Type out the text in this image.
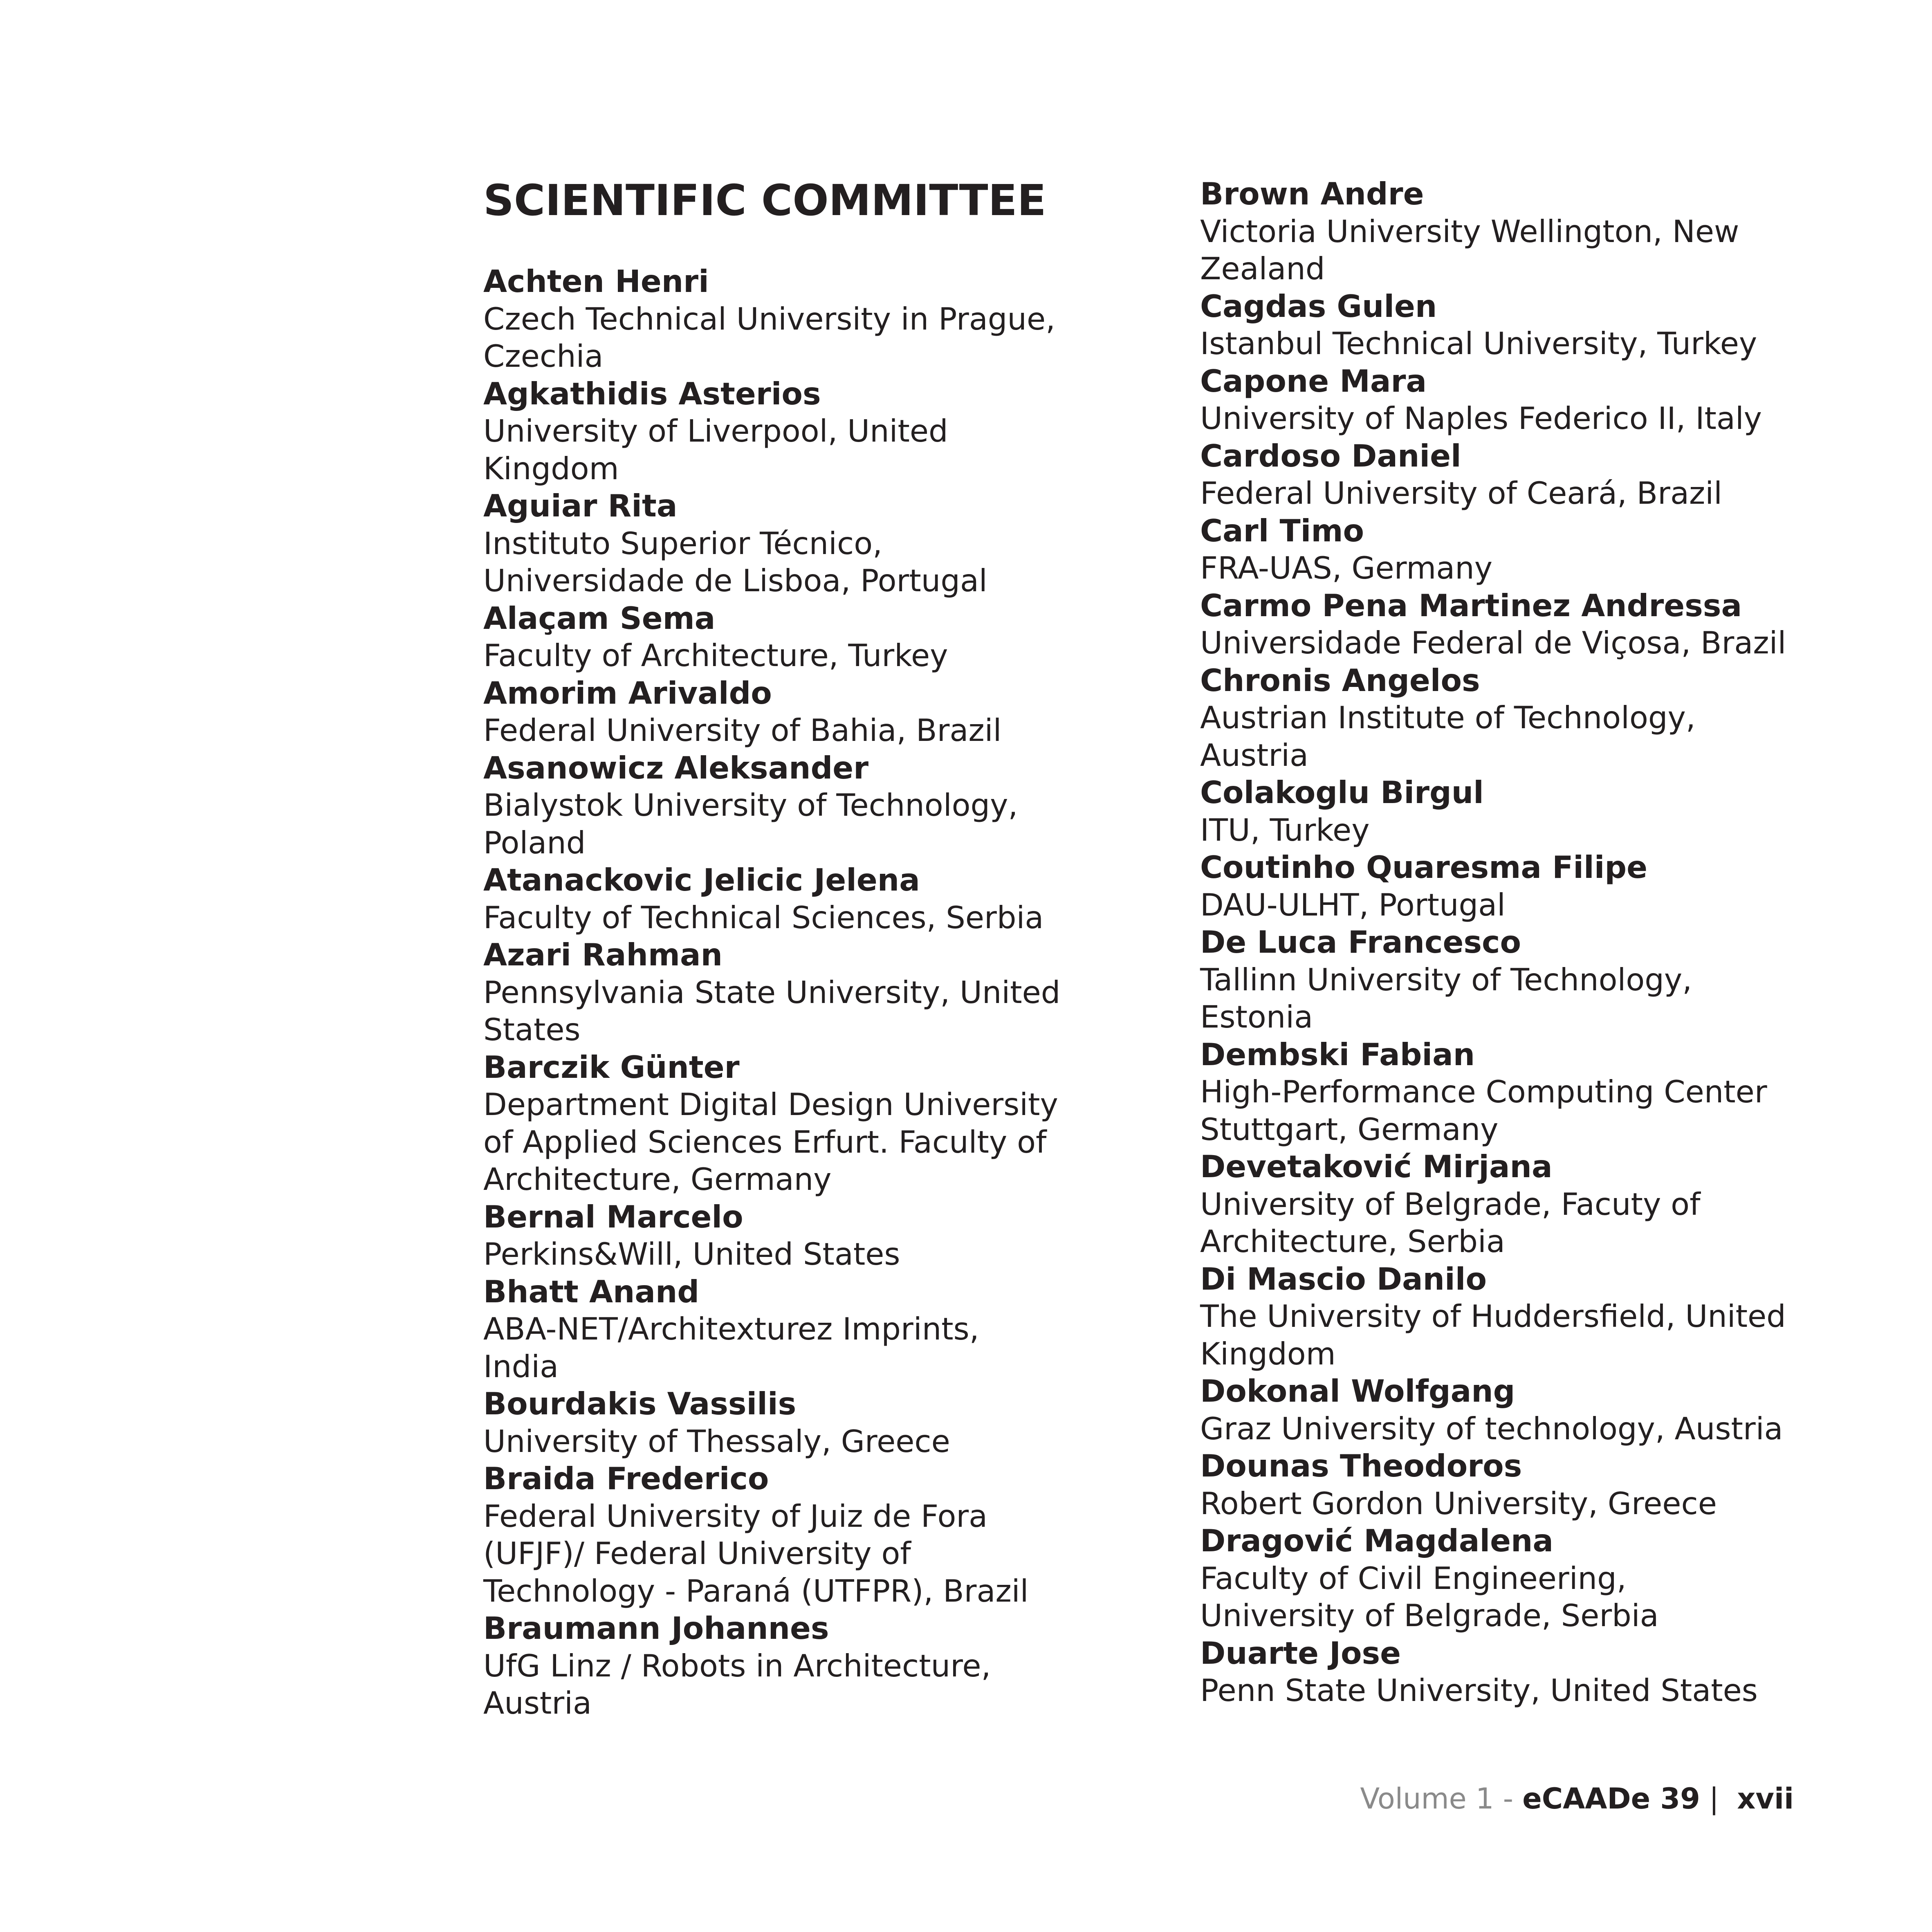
SCIENTIFIC COMMITTEE
Achten Henri
Czech Technical University in Prague,
Czechia
Agkathidis Asterios
University of Liverpool, United
Kingdom
Aguiar Rita
Instituto Superior Técnico,
Universidade de Lisboa, Portugal
Alaçam Sema
Faculty of Architecture, Turkey
Amorim Arivaldo
Federal University of Bahia, Brazil
Asanowicz Aleksander
Bialystok University of Technology,
Poland
Atanackovic Jelicic Jelena
Faculty of Technical Sciences, Serbia
Azari Rahman
Pennsylvania State University, United
States
Barczik Günter
Department Digital Design University
of Applied Sciences Erfurt. Faculty of
Architecture, Germany
Bernal Marcelo
Perkins&Will, United States
Bhatt Anand
ABA-NET/Architexturez Imprints,
India
Bourdakis Vassilis
University of Thessaly, Greece
Braida Frederico
Federal University of Juiz de Fora
(UFJF)/ Federal University of
Technology - Paraná (UTFPR), Brazil
Braumann Johannes
UfG Linz / Robots in Architecture,
Austria
Brown Andre
Victoria University Wellington, New
Zealand
Cagdas Gulen
Istanbul Technical University, Turkey
Capone Mara
University of Naples Federico II, Italy
Cardoso Daniel
Federal University of Ceará, Brazil
Carl Timo
FRA-UAS, Germany
Carmo Pena Martinez Andressa
Universidade Federal de Viçosa, Brazil
Chronis Angelos
Austrian Institute of Technology,
Austria
Colakoglu Birgul
ITU, Turkey
Coutinho Quaresma Filipe
DAU-ULHT, Portugal
De Luca Francesco
Tallinn University of Technology,
Estonia
Dembski Fabian
High-Performance Computing Center
Stuttgart, Germany
Devetaković Mirjana
University of Belgrade, Facuty of
Architecture, Serbia
Di Mascio Danilo
The University of Huddersfield, United
Kingdom
Dokonal Wolfgang
Graz University of technology, Austria
Dounas Theodoros
Robert Gordon University, Greece
Dragović Magdalena
Faculty of Civil Engineering,
University of Belgrade, Serbia
Duarte Jose
Penn State University, United States
Volume 1 - eCAADe 39 | xvii
